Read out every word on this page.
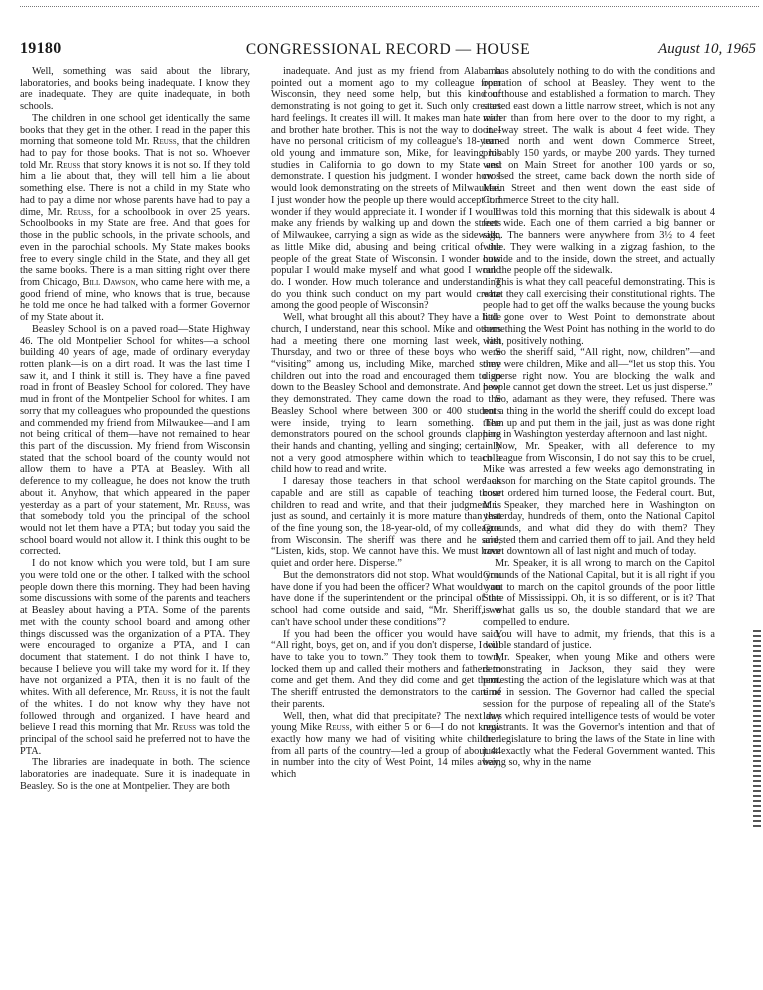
19180	CONGRESSIONAL RECORD — HOUSE	August 10, 1965

Well, something was said about the library, laboratories, and books being inadequate. I know they are inadequate. They are quite inadequate, in both schools.

The children in one school get identically the same books that they get in the other. I read in the paper this morning that someone told Mr. Reuss, that the children had to pay for those books. That is not so. Whoever told Mr. Reuss that story knows it is not so. If they told him a lie about that, they will tell him a lie about something else. There is not a child in my State who had to pay a dime nor whose parents have had to pay a dime, Mr. Reuss, for a schoolbook in over 25 years. Schoolbooks in my State are free. And that goes for those in the public schools, in the private schools, and even in the parochial schools. My State makes books free to every single child in the State, and they all get the same books. There is a man sitting right over there from Chicago, Bill Dawson, who came here with me, a good friend of mine, who knows that is true, because he told me once he had talked with a former Governor of my State about it.

Beasley School is on a paved road—State Highway 46. The old Montpelier School for whites—a school building 40 years of age, made of ordinary everyday rotten plank—is on a dirt road. It was the last time I saw it, and I think it still is. They have a fine paved road in front of Beasley School for colored. They have mud in front of the Montpelier School for whites. I am sorry that my colleagues who propounded the questions and commended my friend from Milwaukee—and I am not being critical of them—have not remained to hear this part of the discussion. My friend from Wisconsin stated that the school board of the county would not allow them to have a PTA at Beasley. With all deference to my colleague, he does not know the truth about it. Anyhow, that which appeared in the paper yesterday as a part of your statement, Mr. Reuss, was that somebody told you the principal of the school would not let them have a PTA; but today you said the school board would not allow it. I think this ought to be corrected.

I do not know which you were told, but I am sure you were told one or the other. I talked with the school people down there this morning. They had been having some discussions with some of the parents and teachers at Beasley about having a PTA. Some of the parents met with the county school board and among other things discussed was the organization of a PTA. They were encouraged to organize a PTA, and I can document that statement. I do not think I have to, because I believe you will take my word for it. If they have not organized a PTA, then it is no fault of the whites. With all deference, Mr. Reuss, it is not the fault of the whites. I do not know why they have not followed through and organized. I have heard and believe I read this morning that Mr. Reuss was told the principal of the school said he preferred not to have the PTA.

The libraries are inadequate in both. The science laboratories are inadequate. Sure it is inadequate in Beasley. So is the one at Montpelier. They are both

inadequate. And just as my friend from Alabama pointed out a moment ago to my colleague from Wisconsin, they need some help, but this kind of demonstrating is not going to get it. Such only creates hard feelings. It creates ill will. It makes man hate man and brother hate brother. This is not the way to do it. I have no personal criticism of my colleague's 18-year-old young and immature son, Mike, for leaving his studies in California to go down to my State and demonstrate. I question his judgment. I wonder how I would look demonstrating on the streets of Milwaukee. I just wonder how the people up there would accept it. I wonder if they would appreciate it. I wonder if I would make any friends by walking up and down the streets of Milwaukee, carrying a sign as wide as the sidewalk, as little Mike did, abusing and being critical of the people of the great State of Wisconsin. I wonder how popular I would make myself and what good I would do. I wonder. How much tolerance and understanding do you think such conduct on my part would create among the good people of Wisconsin?

Well, what brought all this about? They have a little church, I understand, near this school. Mike and others had a meeting there one morning last week, last Thursday, and two or three of these boys who were “visiting” among us, including Mike, marched some children out into the road and encouraged them to go down to the Beasley School and demonstrate. And how they demonstrated. They came down the road to the Beasley School where between 300 or 400 students were inside, trying to learn something. The demonstrators poured on the school grounds clapping their hands and chanting, yelling and singing; certainly not a very good atmosphere within which to teach a child how to read and write.

I daresay those teachers in that school were as capable and are still as capable of teaching those children to read and write, and that their judgment is just as sound, and certainly it is more mature than that of the fine young son, the 18-year-old, of my colleague from Wisconsin. The sheriff was there and he said, “Listen, kids, stop. We cannot have this. We must have quiet and order here. Disperse.”

But the demonstrators did not stop. What would you have done if you had been the officer? What would you have done if the superintendent or the principal of the school had come outside and said, “Mr. Sheriff, we can't have school under these conditions”?

If you had been the officer you would have said, “All right, boys, get on, and if you don't disperse, I will have to take you to town.” They took them to town, locked them up and called their mothers and fathers to come and get them. And they did come and get them. The sheriff entrusted the demonstrators to the care of their parents.

Well, then, what did that precipitate? The next day young Mike Reuss, with either 5 or 6—I do not know exactly how many we had of visiting white children from all parts of the country—led a group of about 44 in number into the city of West Point, 14 miles away, which

has absolutely nothing to do with the conditions and operation of school at Beasley. They went to the courthouse and established a formation to march. They started east down a little narrow street, which is not any wider than from here over to the door to my right, a one-way street. The walk is about 4 feet wide. They turned north and went down Commerce Street, probably 150 yards, or maybe 200 yards. They turned west on Main Street for another 100 yards or so, crossed the street, came back down the north side of Main Street and then went down the east side of Commerce Street to the city hall.

I was told this morning that this sidewalk is about 4 feet wide. Each one of them carried a big banner or sign. The banners were anywhere from 3½ to 4 feet wide. They were walking in a zigzag fashion, to the outside and to the inside, down the street, and actually ran the people off the sidewalk.

This is what they call peaceful demonstrating. This is what they call exercising their constitutional rights. The people had to get off the walks because the young bucks had gone over to West Point to demonstrate about something the West Point has nothing in the world to do with, positively nothing.

So the sheriff said, “All right, now, children”—and they were children, Mike and all—“let us stop this. You disperse right now. You are blocking the walk and people cannot get down the street. Let us just disperse.”

So, adamant as they were, they refused. There was not a thing in the world the sheriff could do except load them up and put them in the jail, just as was done right here in Washington yesterday afternoon and last night.

Now, Mr. Speaker, with all deference to my colleague from Wisconsin, I do not say this to be cruel, Mike was arrested a few weeks ago demonstrating in Jackson for marching on the State capitol grounds. The court ordered him turned loose, the Federal court. But, Mr. Speaker, they marched here in Washington on yesterday, hundreds of them, onto the National Capitol Grounds, and what did they do with them? They arrested them and carried them off to jail. And they held court downtown all of last night and much of today.

Mr. Speaker, it is all wrong to march on the Capitol Grounds of the National Capital, but it is all right if you want to march on the capitol grounds of the poor little State of Mississippi. Oh, it is so different, or is it? That is what galls us so, the double standard that we are compelled to endure.

You will have to admit, my friends, that this is a double standard of justice.

Mr. Speaker, when young Mike and others were demonstrating in Jackson, they said they were protesting the action of the legislature which was at that time in session. The Governor had called the special session for the purpose of repealing all of the State's laws which required intelligence tests of would be voter registrants. It was the Governor's intention and that of the legislature to bring the laws of the State in line with just exactly what the Federal Government wanted. This being so, why in the name
